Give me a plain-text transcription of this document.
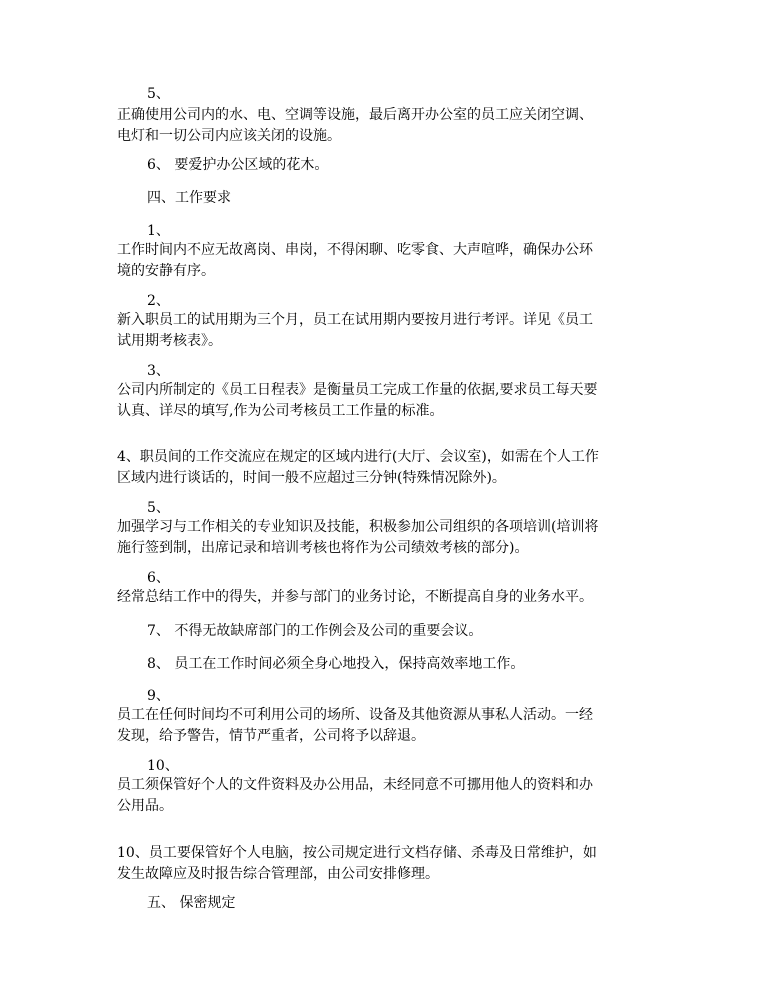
5、
正确使用公司内的水、电、空调等设施，最后离开办公室的员工应关闭空调、
电灯和一切公司内应该关闭的设施。
6、 要爱护办公区域的花木。
四、工作要求
1、
工作时间内不应无故离岗、串岗，不得闲聊、吃零食、大声喧哗，确保办公环
境的安静有序。
2、
新入职员工的试用期为三个月，员工在试用期内要按月进行考评。详见《员工
试用期考核表》。
3、
公司内所制定的《员工日程表》是衡量员工完成工作量的依据,要求员工每天要
认真、详尽的填写,作为公司考核员工工作量的标准。
4、职员间的工作交流应在规定的区域内进行(大厅、会议室)，如需在个人工作
区域内进行谈话的，时间一般不应超过三分钟(特殊情况除外)。
5、
加强学习与工作相关的专业知识及技能，积极参加公司组织的各项培训(培训将
施行签到制，出席记录和培训考核也将作为公司绩效考核的部分)。
6、
经常总结工作中的得失，并参与部门的业务讨论，不断提高自身的业务水平。
7、 不得无故缺席部门的工作例会及公司的重要会议。
8、 员工在工作时间必须全身心地投入，保持高效率地工作。
9、
员工在任何时间均不可利用公司的场所、设备及其他资源从事私人活动。一经
发现，给予警告，情节严重者，公司将予以辞退。
10、
员工须保管好个人的文件资料及办公用品，未经同意不可挪用他人的资料和办
公用品。
10、员工要保管好个人电脑，按公司规定进行文档存储、杀毒及日常维护，如
发生故障应及时报告综合管理部，由公司安排修理。
五、 保密规定
